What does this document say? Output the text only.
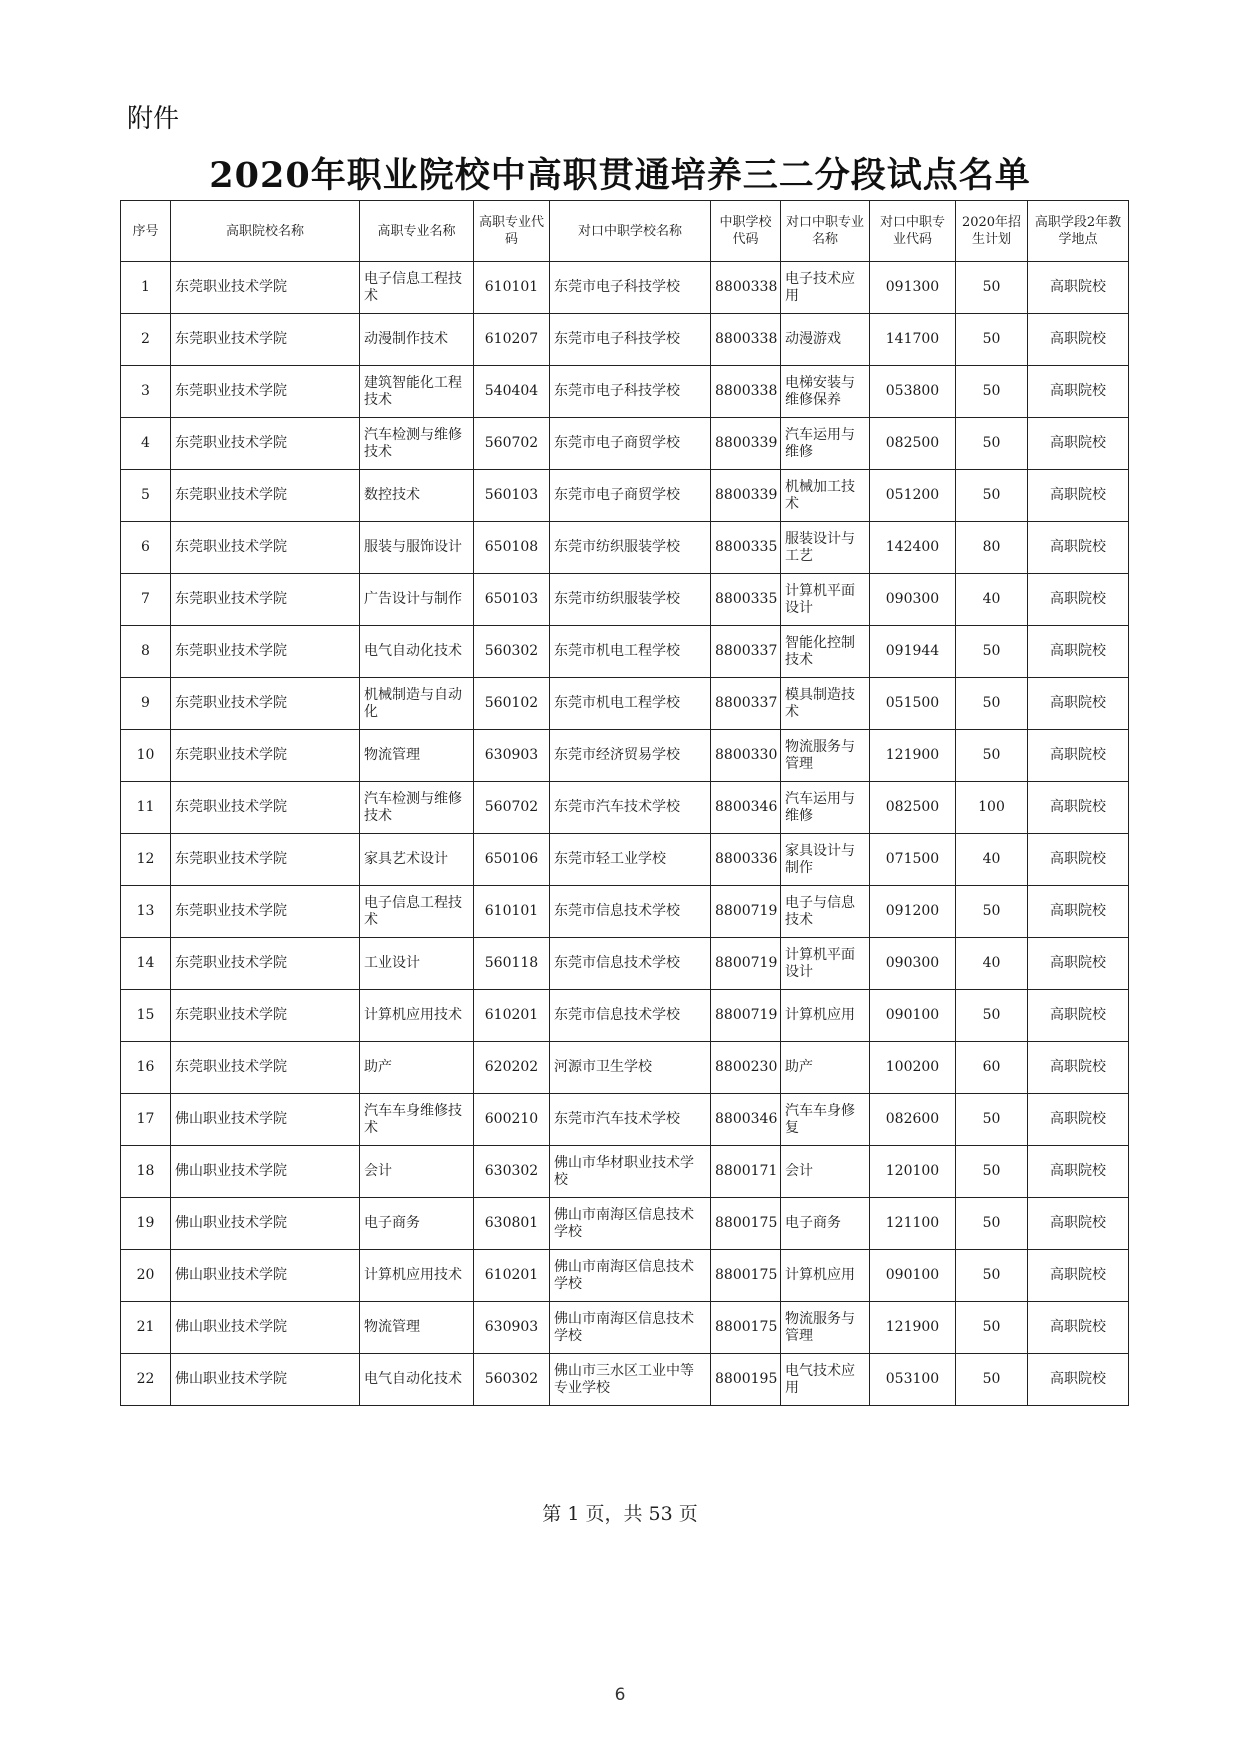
附件
2020年职业院校中高职贯通培养三二分段试点名单
序号	高职院校名称	高职专业名称	高职专业代码	对口中职学校名称	中职学校代码	对口中职专业名称	对口中职专业代码	2020年招生计划	高职学段2年教学地点
1	东莞职业技术学院	电子信息工程技术	610101	东莞市电子科技学校	8800338	电子技术应用	091300	50	高职院校
2	东莞职业技术学院	动漫制作技术	610207	东莞市电子科技学校	8800338	动漫游戏	141700	50	高职院校
3	东莞职业技术学院	建筑智能化工程技术	540404	东莞市电子科技学校	8800338	电梯安装与维修保养	053800	50	高职院校
4	东莞职业技术学院	汽车检测与维修技术	560702	东莞市电子商贸学校	8800339	汽车运用与维修	082500	50	高职院校
5	东莞职业技术学院	数控技术	560103	东莞市电子商贸学校	8800339	机械加工技术	051200	50	高职院校
6	东莞职业技术学院	服装与服饰设计	650108	东莞市纺织服装学校	8800335	服装设计与工艺	142400	80	高职院校
7	东莞职业技术学院	广告设计与制作	650103	东莞市纺织服装学校	8800335	计算机平面设计	090300	40	高职院校
8	东莞职业技术学院	电气自动化技术	560302	东莞市机电工程学校	8800337	智能化控制技术	091944	50	高职院校
9	东莞职业技术学院	机械制造与自动化	560102	东莞市机电工程学校	8800337	模具制造技术	051500	50	高职院校
10	东莞职业技术学院	物流管理	630903	东莞市经济贸易学校	8800330	物流服务与管理	121900	50	高职院校
11	东莞职业技术学院	汽车检测与维修技术	560702	东莞市汽车技术学校	8800346	汽车运用与维修	082500	100	高职院校
12	东莞职业技术学院	家具艺术设计	650106	东莞市轻工业学校	8800336	家具设计与制作	071500	40	高职院校
13	东莞职业技术学院	电子信息工程技术	610101	东莞市信息技术学校	8800719	电子与信息技术	091200	50	高职院校
14	东莞职业技术学院	工业设计	560118	东莞市信息技术学校	8800719	计算机平面设计	090300	40	高职院校
15	东莞职业技术学院	计算机应用技术	610201	东莞市信息技术学校	8800719	计算机应用	090100	50	高职院校
16	东莞职业技术学院	助产	620202	河源市卫生学校	8800230	助产	100200	60	高职院校
17	佛山职业技术学院	汽车车身维修技术	600210	东莞市汽车技术学校	8800346	汽车车身修复	082600	50	高职院校
18	佛山职业技术学院	会计	630302	佛山市华材职业技术学校	8800171	会计	120100	50	高职院校
19	佛山职业技术学院	电子商务	630801	佛山市南海区信息技术学校	8800175	电子商务	121100	50	高职院校
20	佛山职业技术学院	计算机应用技术	610201	佛山市南海区信息技术学校	8800175	计算机应用	090100	50	高职院校
21	佛山职业技术学院	物流管理	630903	佛山市南海区信息技术学校	8800175	物流服务与管理	121900	50	高职院校
22	佛山职业技术学院	电气自动化技术	560302	佛山市三水区工业中等专业学校	8800195	电气技术应用	053100	50	高职院校
第 1 页，共 53 页
6
